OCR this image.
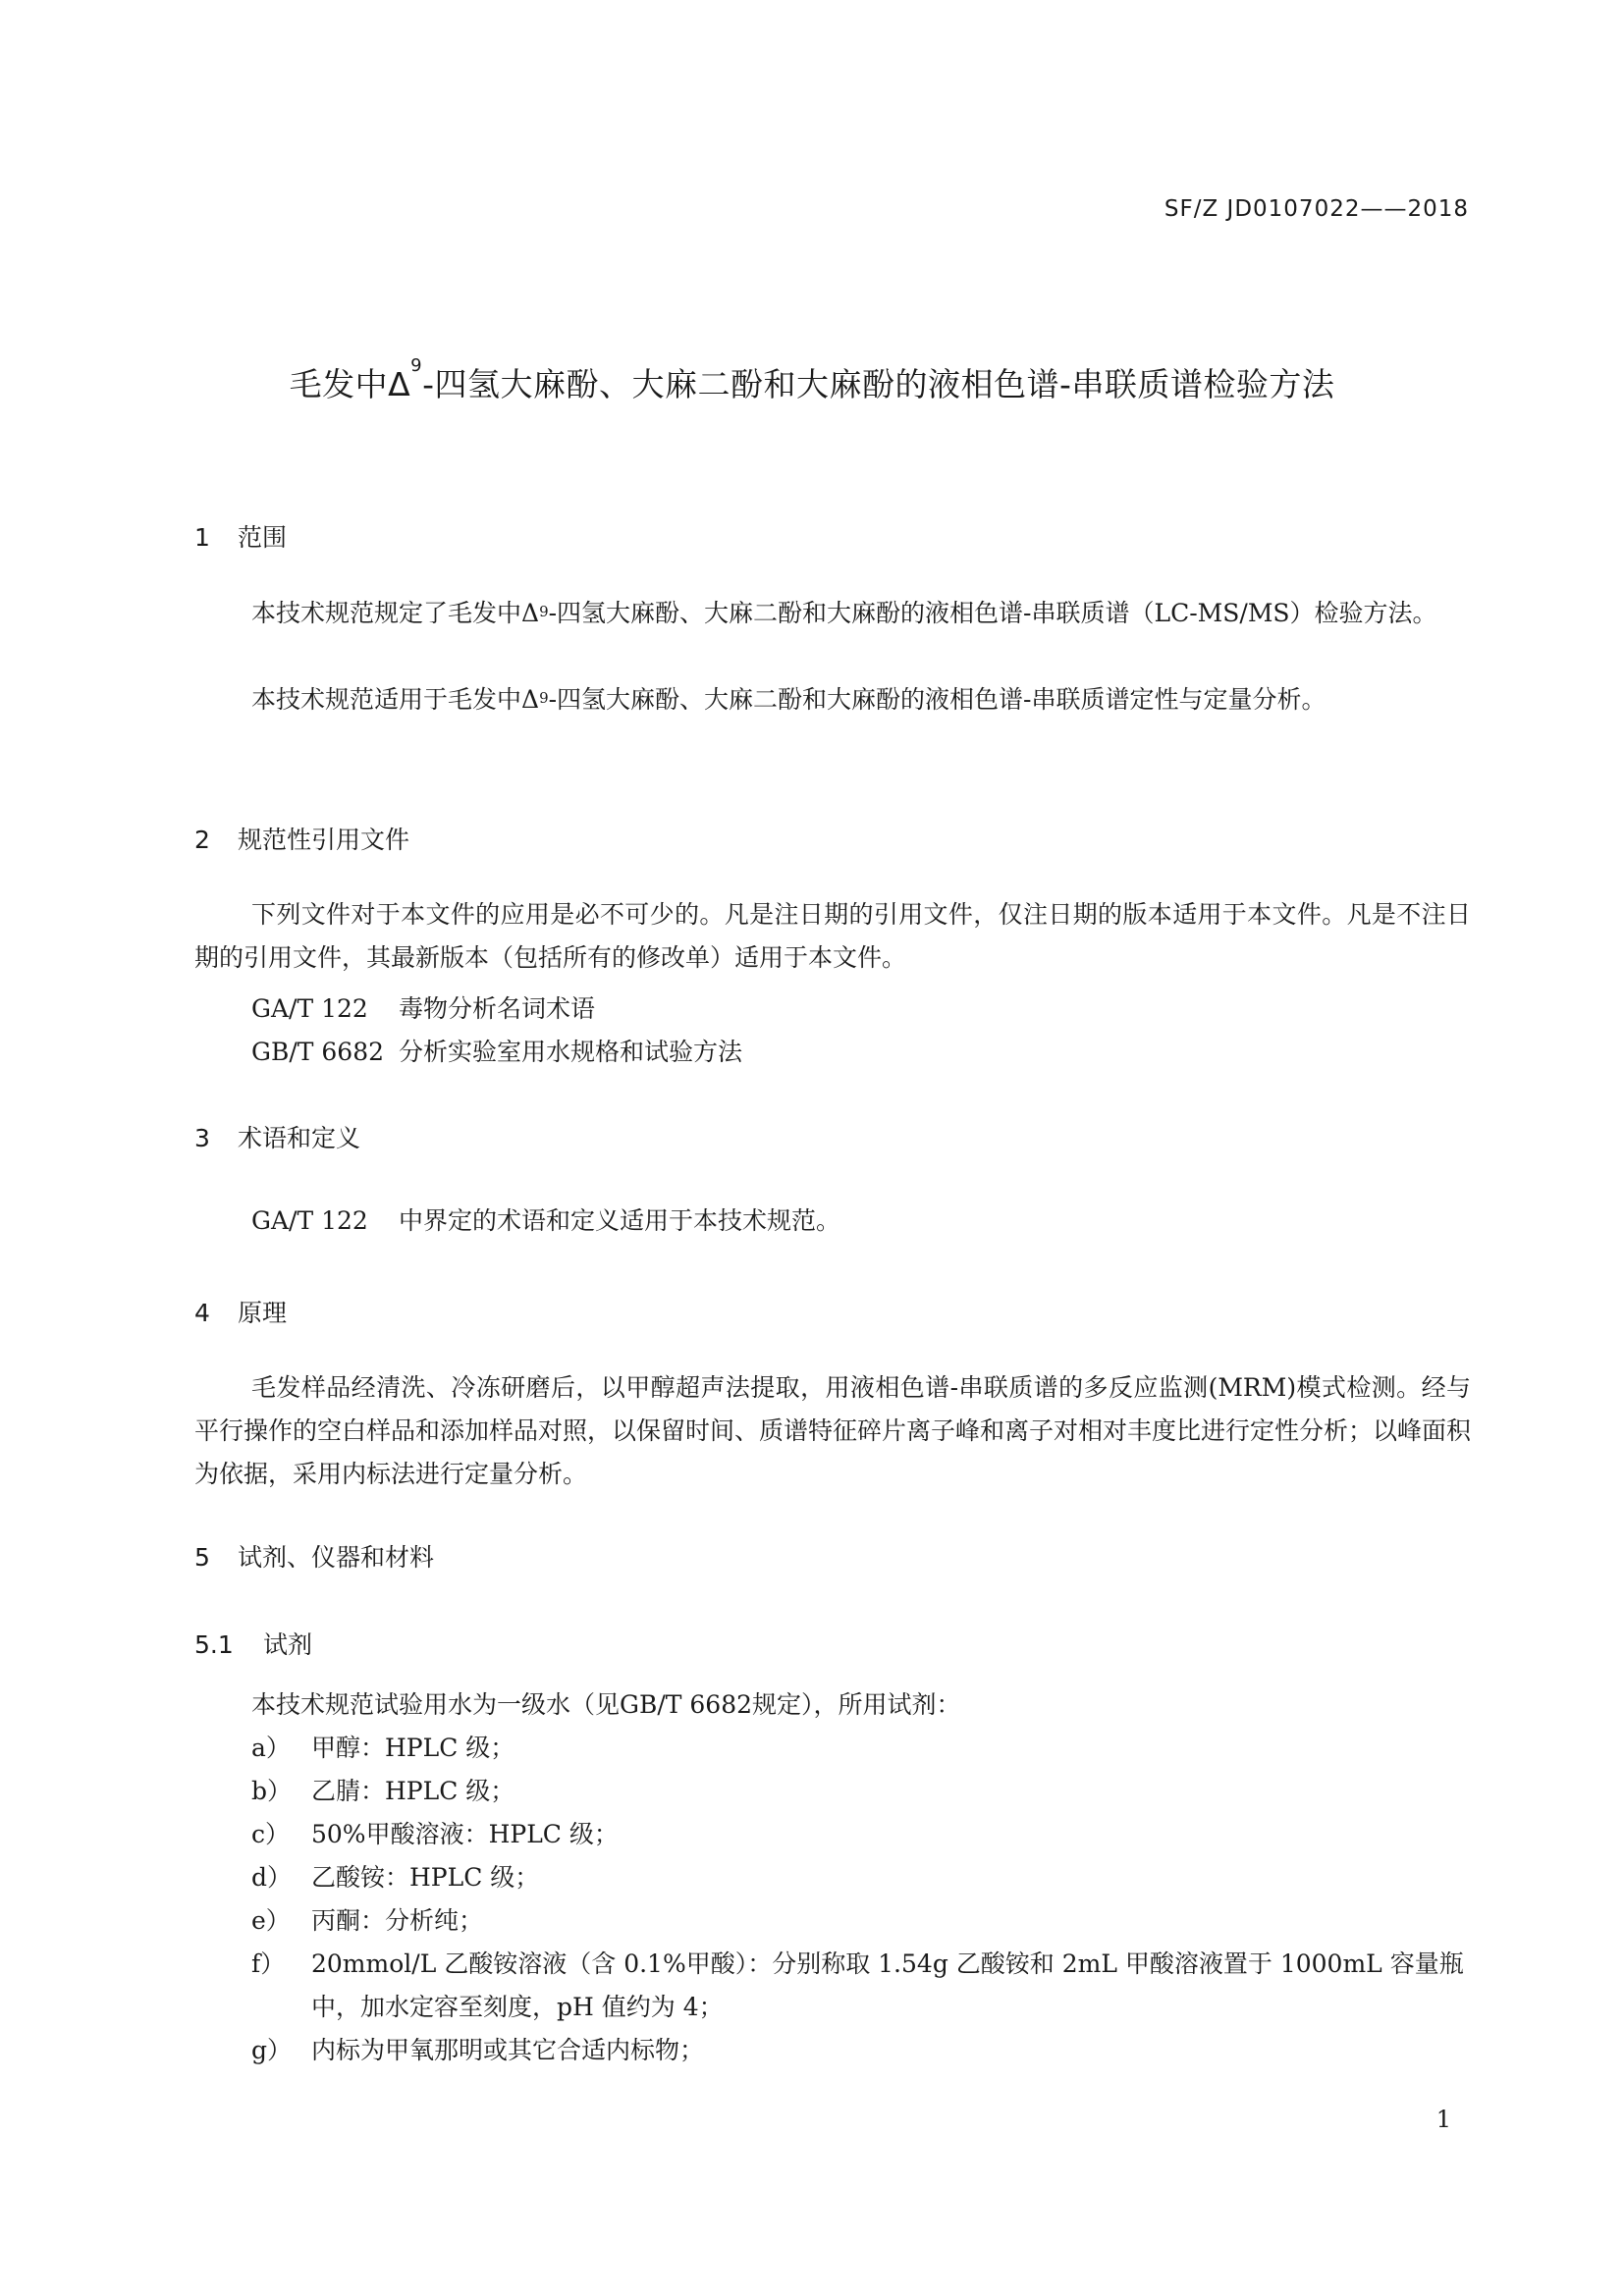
SF/Z JD0107022——2018
毛发中$\Delta^9-$四氢大麻酚、大麻二酚和大麻酚的液相色谱-串联质谱检验方法
1 范围
本技术规范规定了毛发中$\Delta^9-$四氢大麻酚、大麻二酚和大麻酚的液相色谱-串联质谱（LC-MS/MS）检验方法。
本技术规范适用于毛发中$\Delta^9-$四氢大麻酚、大麻二酚和大麻酚的液相色谱-串联质谱定性与定量分析。
2 规范性引用文件
下列文件对于本文件的应用是必不可少的。凡是注日期的引用文件，仅注日期的版本适用于本文件。凡是不注日期的引用文件，其最新版本（包括所有的修改单）适用于本文件。
GA/T 122 毒物分析名词术语
GB/T 6682 分析实验室用水规格和试验方法
3 术语和定义
GA/T 122 中界定的术语和定义适用于本技术规范。
4 原理
毛发样品经清洗、冷冻研磨后，以甲醇超声法提取，用液相色谱-串联质谱的多反应监测(MRM)模式检测。经与平行操作的空白样品和添加样品对照，以保留时间、质谱特征碎片离子峰和离子对相对丰度比进行定性分析；以峰面积为依据，采用内标法进行定量分析。
5 试剂、仪器和材料
5.1 试剂
本技术规范试验用水为一级水（见GB/T 6682规定），所用试剂：
a） 甲醇：HPLC 级；
b） 乙腈：HPLC 级；
c） 50%甲酸溶液：HPLC 级；
d） 乙酸铵：HPLC 级；
e） 丙酮：分析纯；
f） 20mmol/L 乙酸铵溶液（含 0.1%甲酸）：分别称取 1.54g 乙酸铵和 2mL 甲酸溶液置于 1000mL 容量瓶中，加水定容至刻度，pH 值约为 4；
g） 内标为甲氧那明或其它合适内标物；
1
